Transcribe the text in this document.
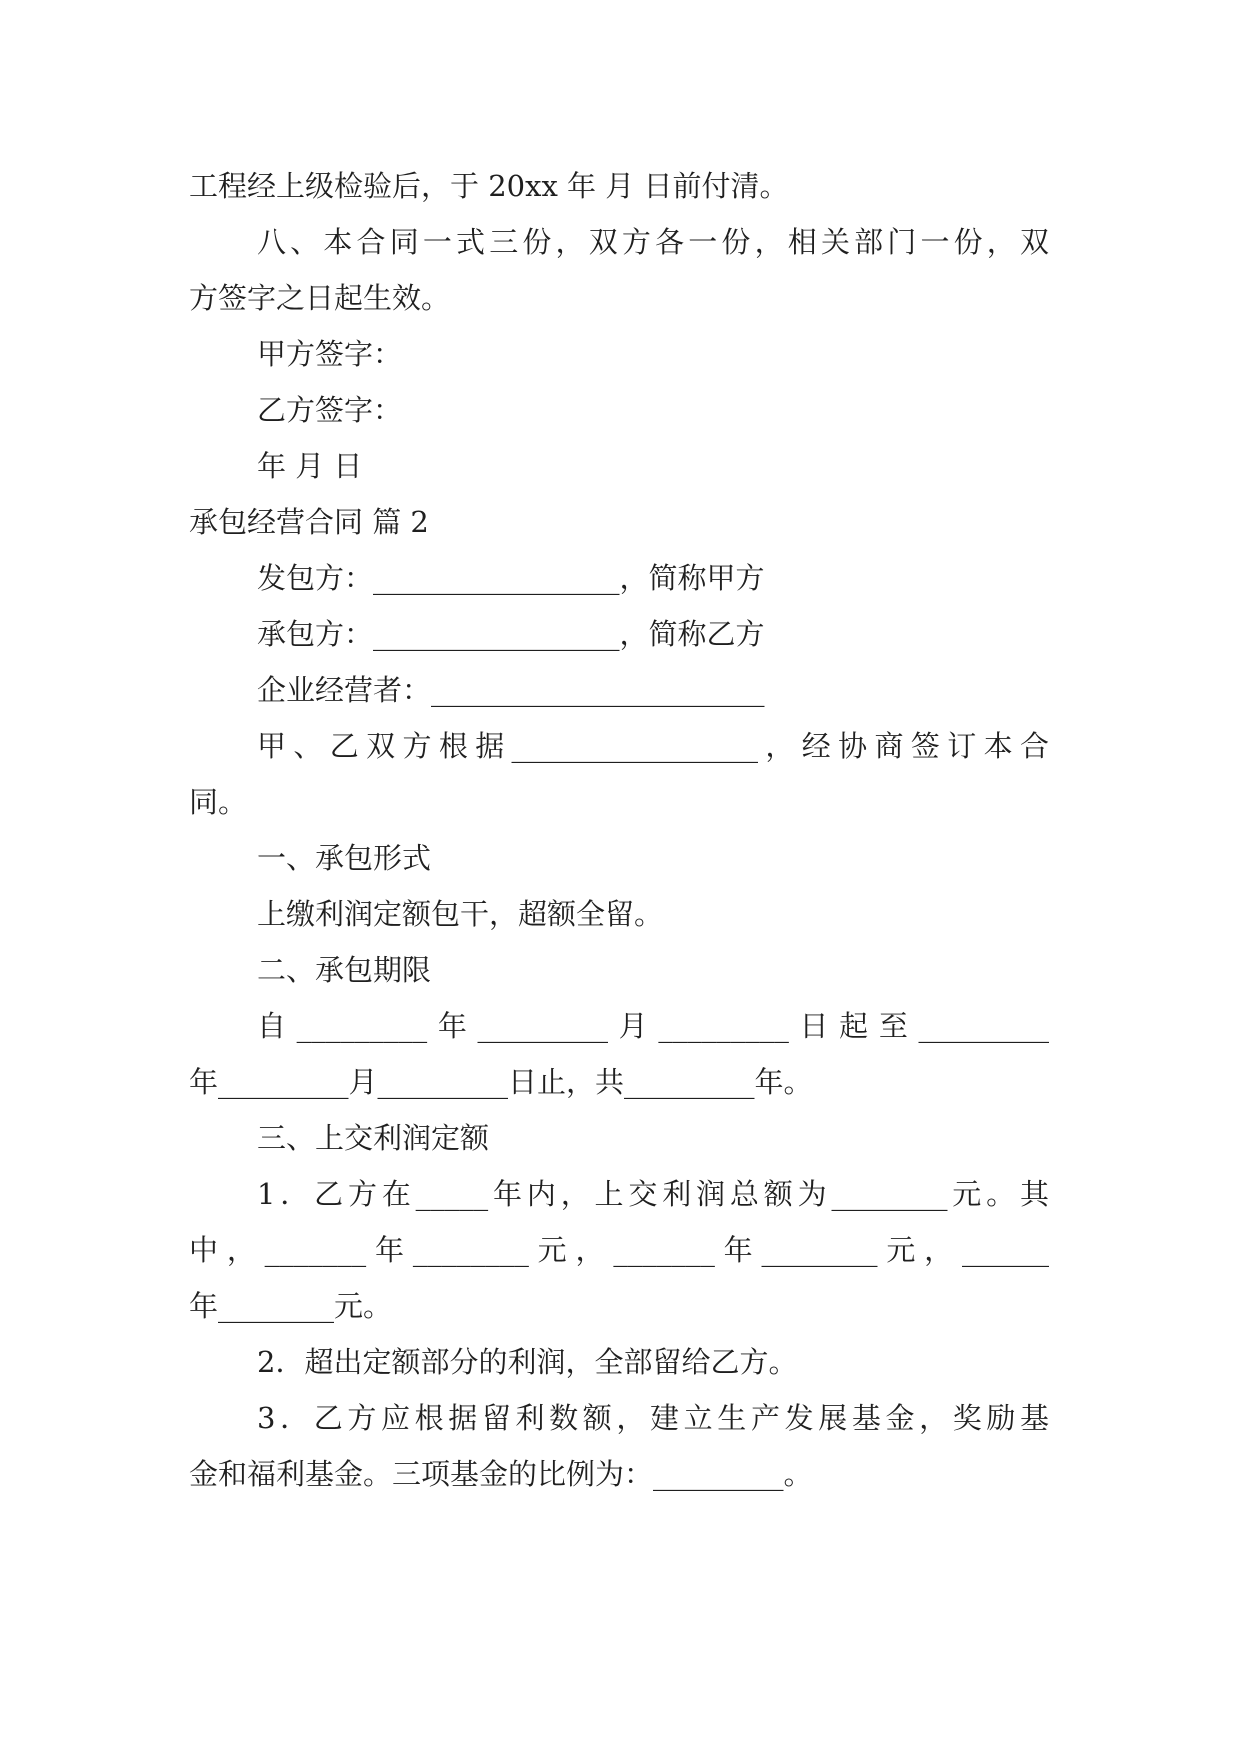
工程经上级检验后，于 20xx 年 月 日前付清。
八、本合同一式三份，双方各一份，相关部门一份，双
方签字之日起生效。
甲方签字：
乙方签字：
年 月 日
承包经营合同 篇 2
发包方：_________________，简称甲方
承包方：_________________，简称乙方
企业经营者：_______________________
甲、乙双方根据_________________，经协商签订本合
同。
一、承包形式
上缴利润定额包干，超额全留。
二、承包期限
自_________年_________月_________日起至_________
年_________月_________日止，共_________年。
三、上交利润定额
1．乙方在_____年内，上交利润总额为________元。其
中，_______年________元，_______年________元，______
年________元。
2．超出定额部分的利润，全部留给乙方。
3．乙方应根据留利数额，建立生产发展基金，奖励基
金和福利基金。三项基金的比例为：_________。
